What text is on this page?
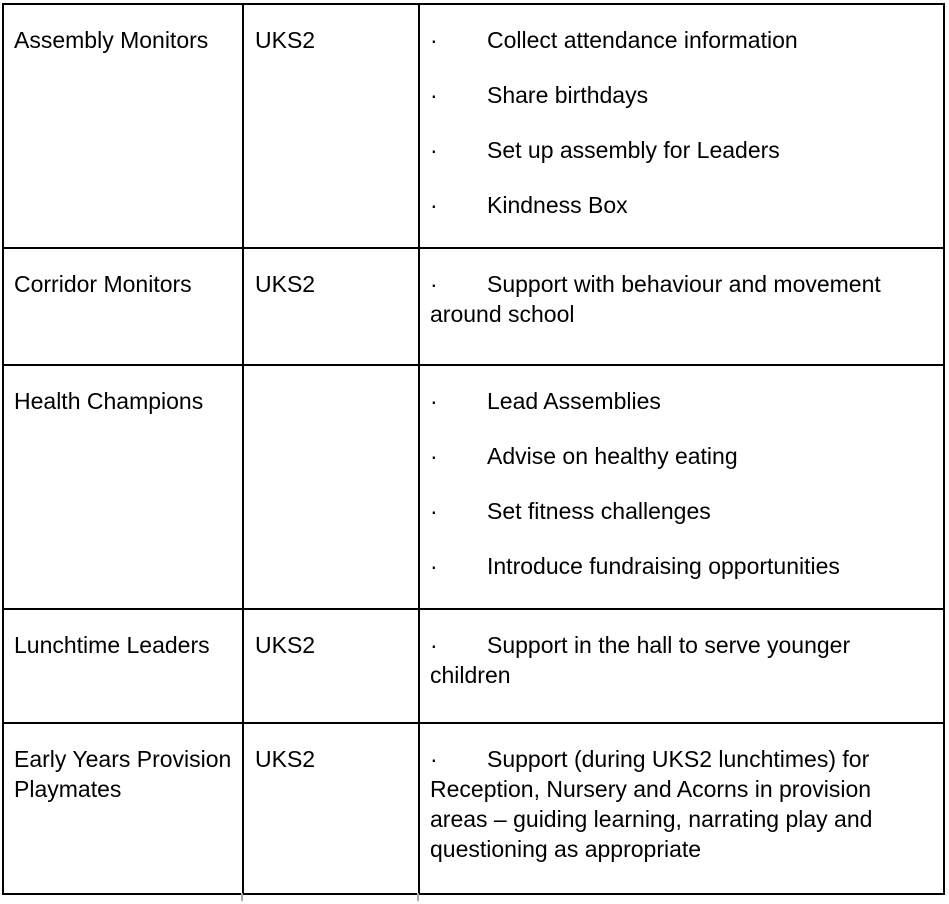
Assembly Monitors	UKS2	· Collect attendance information

· Share birthdays

· Set up assembly for Leaders

· Kindness Box

Corridor Monitors	UKS2	· Support with behaviour and movement around school

Health Champions		· Lead Assemblies

· Advise on healthy eating

· Set fitness challenges

· Introduce fundraising opportunities

Lunchtime Leaders	UKS2	· Support in the hall to serve younger children

Early Years Provision Playmates	UKS2	· Support (during UKS2 lunchtimes) for Reception, Nursery and Acorns in provision areas – guiding learning, narrating play and questioning as appropriate
